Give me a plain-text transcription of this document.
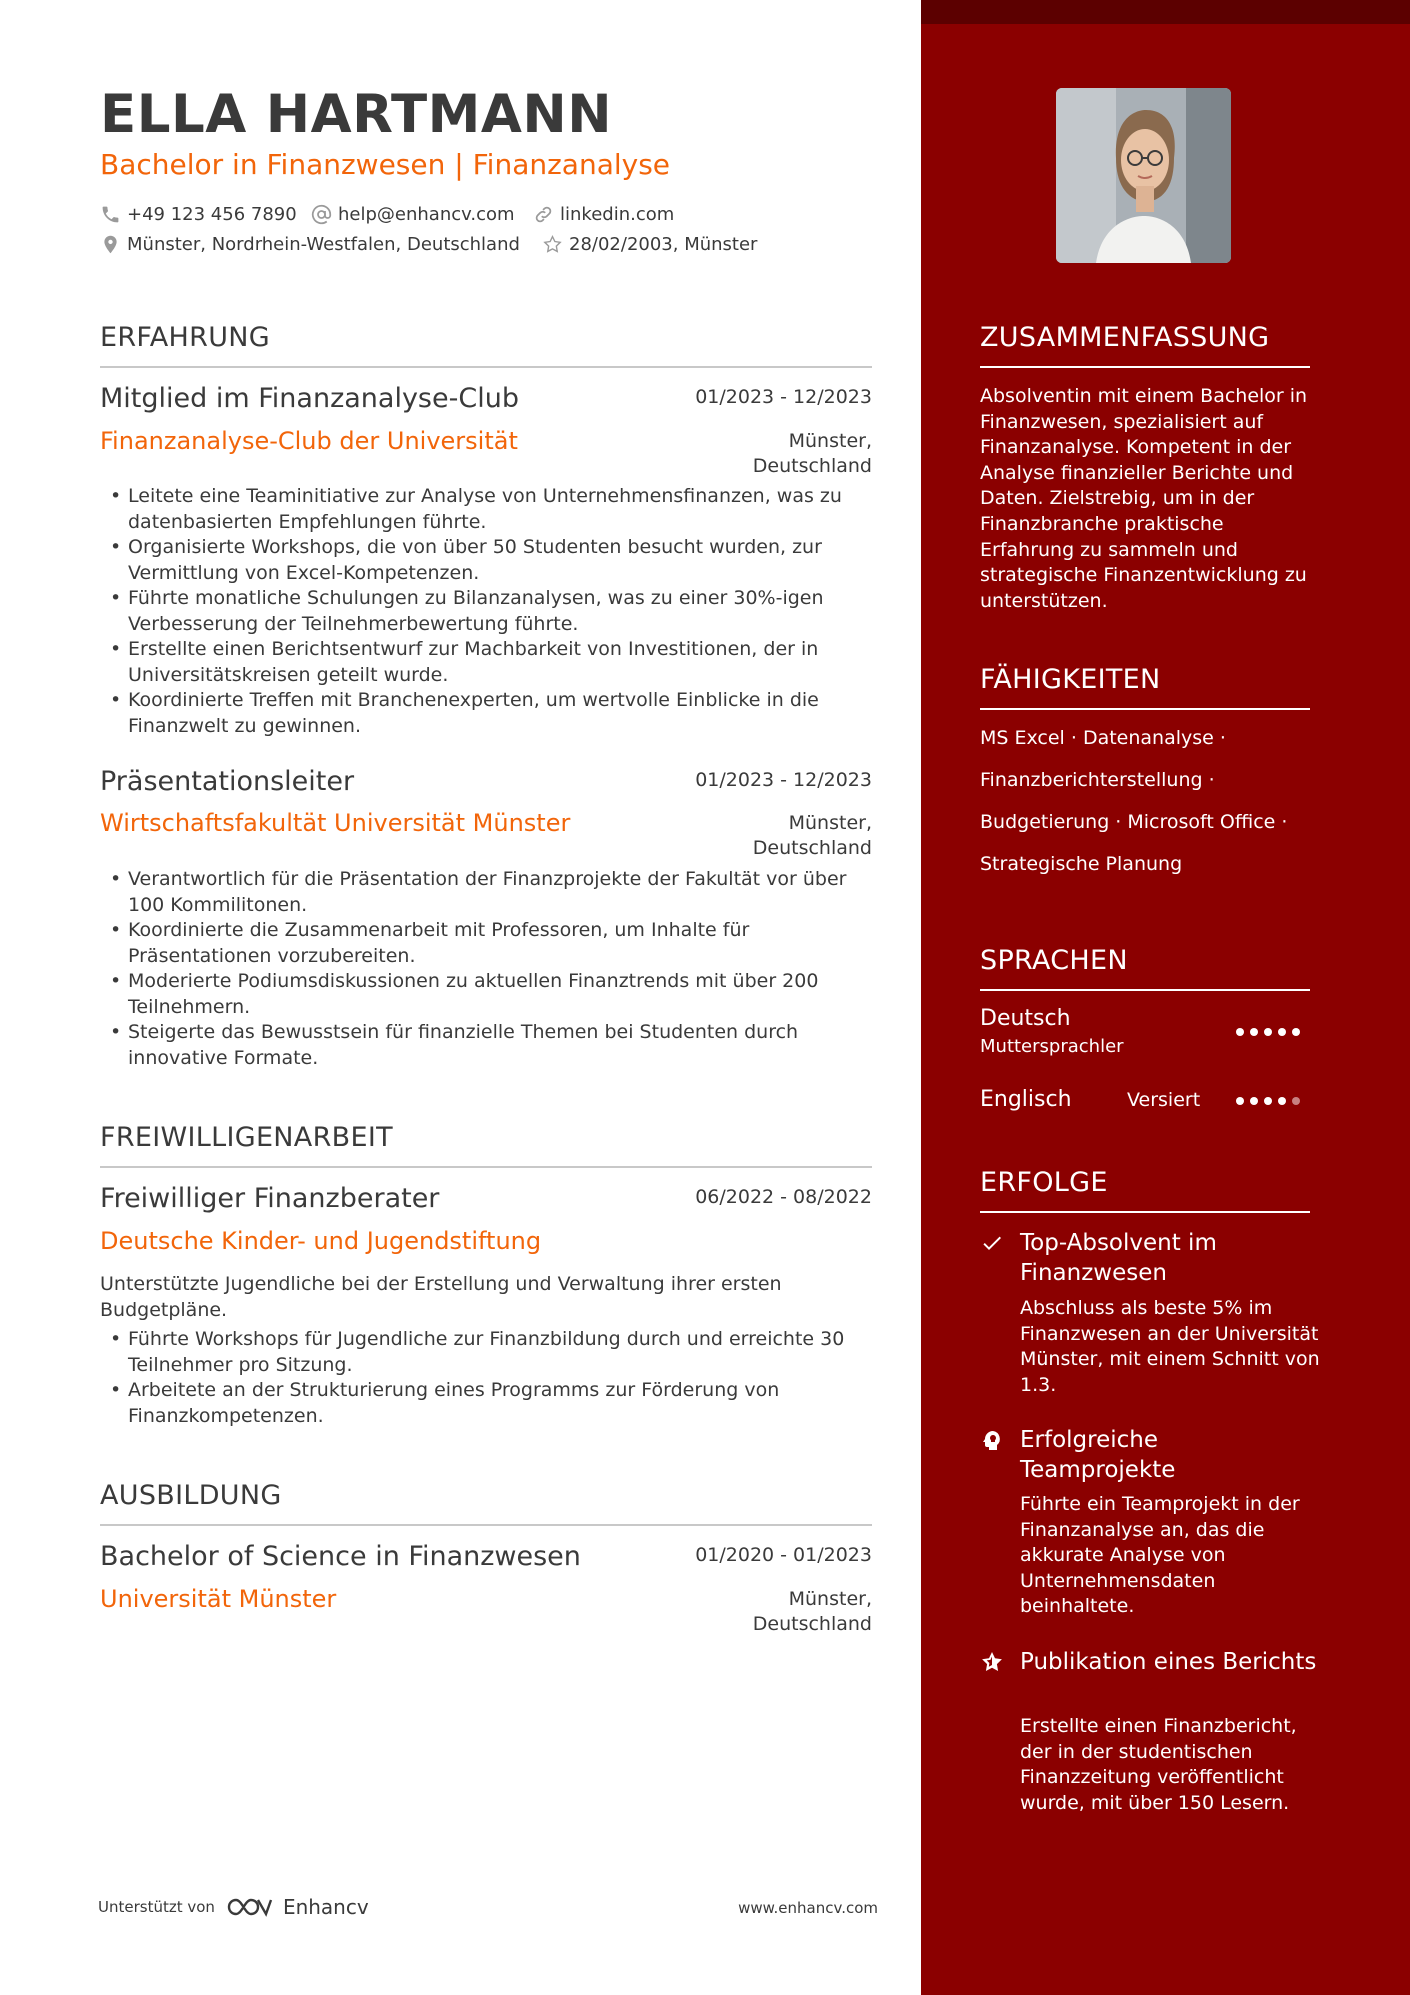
ELLA HARTMANN
Bachelor in Finanzwesen | Finanzanalyse
+49 123 456 7890 help@enhancv.com	linkedin.com
Münster, Nordrhein-Westfalen, Deutschland	28/02/2003, Münster
ERFAHRUNG
Mitglied im Finanzanalyse-Club	01/2023 - 12/2023
Finanzanalyse-Club der Universität	Münster,
Deutschland
• Leitete eine Teaminitiative zur Analyse von Unternehmensfinanzen, was zu datenbasierten Empfehlungen führte.
• Organisierte Workshops, die von über 50 Studenten besucht wurden, zur Vermittlung von Excel-Kompetenzen.
• Führte monatliche Schulungen zu Bilanzanalysen, was zu einer 30%-igen Verbesserung der Teilnehmerbewertung führte.
• Erstellte einen Berichtsentwurf zur Machbarkeit von Investitionen, der in Universitätskreisen geteilt wurde.
• Koordinierte Treffen mit Branchenexperten, um wertvolle Einblicke in die Finanzwelt zu gewinnen.
Präsentationsleiter	01/2023 - 12/2023
Wirtschaftsfakultät Universität Münster	Münster,
Deutschland
• Verantwortlich für die Präsentation der Finanzprojekte der Fakultät vor über 100 Kommilitonen.
• Koordinierte die Zusammenarbeit mit Professoren, um Inhalte für Präsentationen vorzubereiten.
• Moderierte Podiumsdiskussionen zu aktuellen Finanztrends mit über 200 Teilnehmern.
• Steigerte das Bewusstsein für finanzielle Themen bei Studenten durch innovative Formate.
FREIWILLIGENARBEIT
Freiwilliger Finanzberater	06/2022 - 08/2022
Deutsche Kinder- und Jugendstiftung
Unterstützte Jugendliche bei der Erstellung und Verwaltung ihrer ersten Budgetpläne.
• Führte Workshops für Jugendliche zur Finanzbildung durch und erreichte 30 Teilnehmer pro Sitzung.
• Arbeitete an der Strukturierung eines Programms zur Förderung von Finanzkompetenzen.
AUSBILDUNG
Bachelor of Science in Finanzwesen	01/2020 - 01/2023
Universität Münster	Münster,
Deutschland
Unterstützt von	Enhancv	www.enhancv.com
ZUSAMMENFASSUNG
Absolventin mit einem Bachelor in Finanzwesen, spezialisiert auf Finanzanalyse. Kompetent in der Analyse finanzieller Berichte und Daten. Zielstrebig, um in der Finanzbranche praktische Erfahrung zu sammeln und strategische Finanzentwicklung zu unterstützen.
FÄHIGKEITEN
MS Excel · Datenanalyse ·
Finanzberichterstellung ·
Budgetierung · Microsoft Office ·
Strategische Planung
SPRACHEN
Deutsch
Muttersprachler
Englisch	Versiert
ERFOLGE
Top-Absolvent im Finanzwesen
Abschluss als beste 5% im Finanzwesen an der Universität Münster, mit einem Schnitt von 1.3.
Erfolgreiche Teamprojekte
Führte ein Teamprojekt in der Finanzanalyse an, das die akkurate Analyse von Unternehmensdaten beinhaltete.
Publikation eines Berichts
Erstellte einen Finanzbericht, der in der studentischen Finanzzeitung veröffentlicht wurde, mit über 150 Lesern.
